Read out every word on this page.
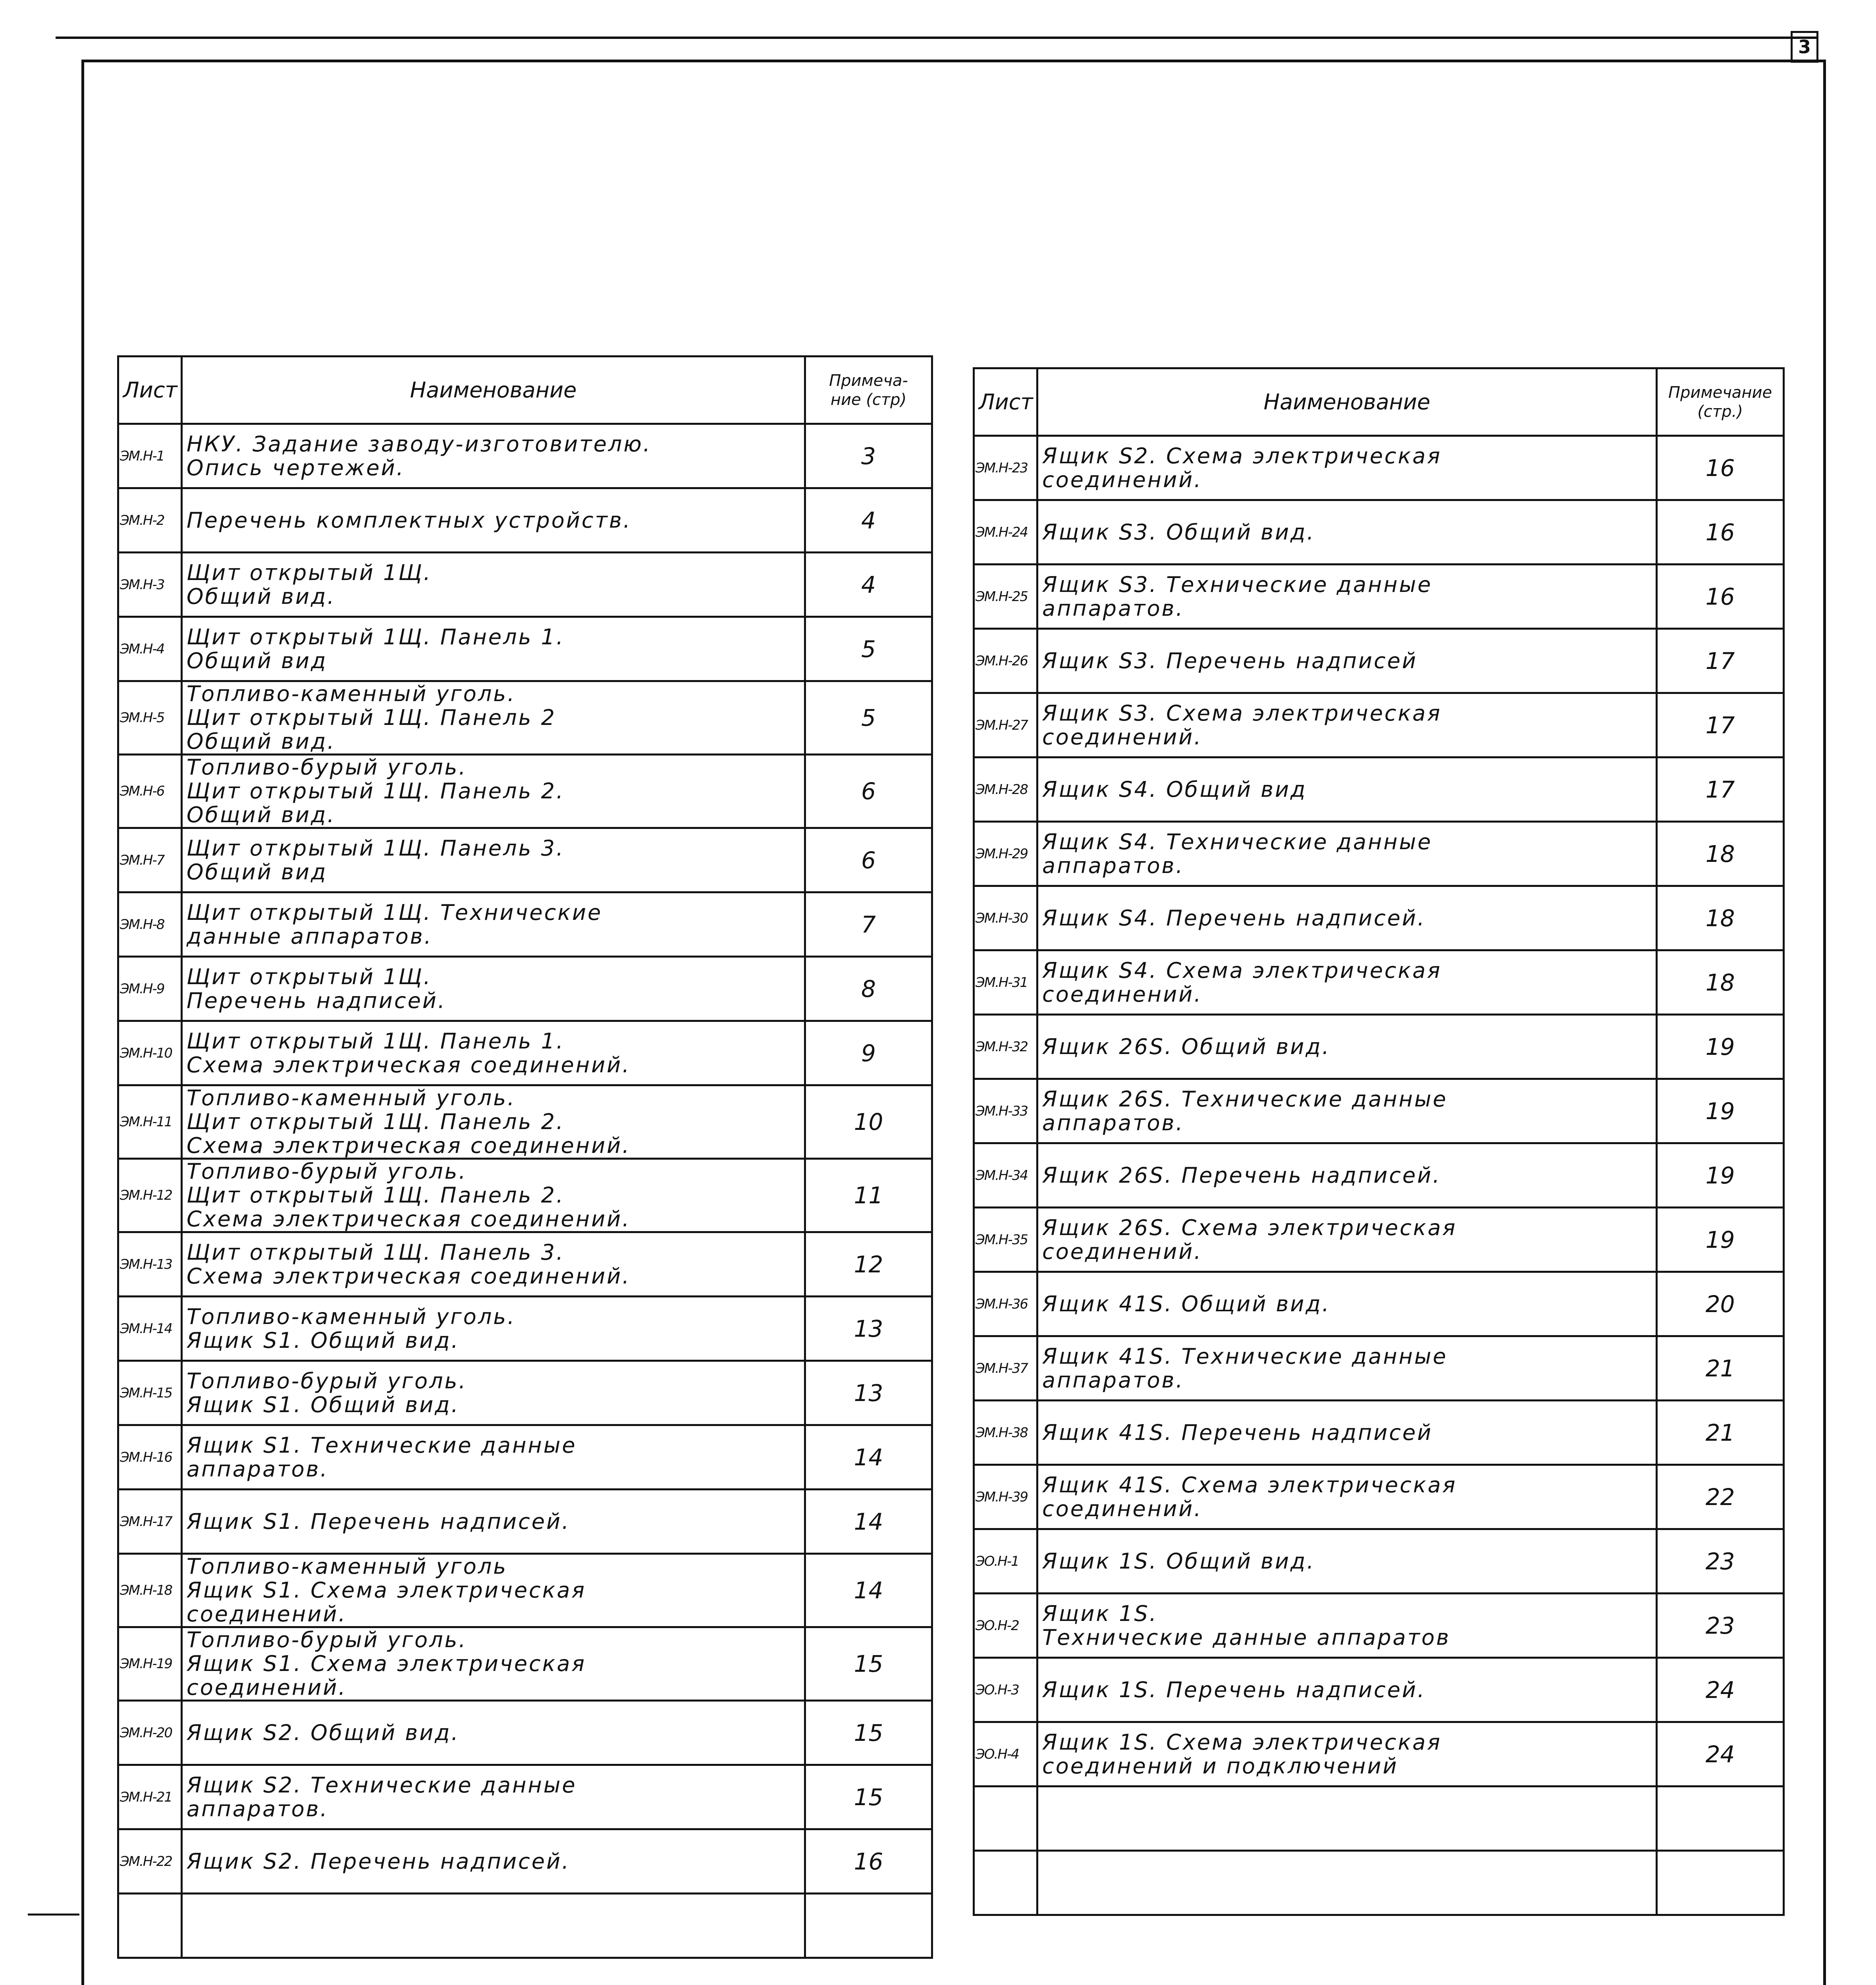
3
Лист	Наименование	Примеча-
ние (стр)
ЭМ.Н-1	НКУ. Задание заводу-изготовителю.
Опись чертежей.	3
ЭМ.Н-2	Перечень комплектных устройств.	4
ЭМ.Н-3	Щит открытый 1Щ.
Общий вид.	4
ЭМ.Н-4	Щит открытый 1Щ. Панель 1.
Общий вид	5
ЭМ.Н-5	Топливо-каменный уголь.
Щит открытый 1Щ. Панель 2
Общий вид.	5
ЭМ.Н-6	Топливо-бурый уголь.
Щит открытый 1Щ. Панель 2.
Общий вид.	6
ЭМ.Н-7	Щит открытый 1Щ. Панель 3.
Общий вид	6
ЭМ.Н-8	Щит открытый 1Щ. Технические
данные аппаратов.	7
ЭМ.Н-9	Щит открытый 1Щ.
Перечень надписей.	8
ЭМ.Н-10	Щит открытый 1Щ. Панель 1.
Схема электрическая соединений.	9
ЭМ.Н-11	Топливо-каменный уголь.
Щит открытый 1Щ. Панель 2.
Схема электрическая соединений.	10
ЭМ.Н-12	Топливо-бурый уголь.
Щит открытый 1Щ. Панель 2.
Схема электрическая соединений.	11
ЭМ.Н-13	Щит открытый 1Щ. Панель 3.
Схема электрическая соединений.	12
ЭМ.Н-14	Топливо-каменный уголь.
Ящик S1. Общий вид.	13
ЭМ.Н-15	Топливо-бурый уголь.
Ящик S1. Общий вид.	13
ЭМ.Н-16	Ящик S1. Технические данные
аппаратов.	14
ЭМ.Н-17	Ящик S1. Перечень надписей.	14
ЭМ.Н-18	Топливо-каменный уголь
Ящик S1. Схема электрическая
соединений.	14
ЭМ.Н-19	Топливо-бурый уголь.
Ящик S1. Схема электрическая
соединений.	15
ЭМ.Н-20	Ящик S2. Общий вид.	15
ЭМ.Н-21	Ящик S2. Технические данные
аппаратов.	15
ЭМ.Н-22	Ящик S2. Перечень надписей.	16

Лист	Наименование	Примечание
(стр.)
ЭМ.Н-23	Ящик S2. Схема электрическая
соединений.	16
ЭМ.Н-24	Ящик S3. Общий вид.	16
ЭМ.Н-25	Ящик S3. Технические данные
аппаратов.	16
ЭМ.Н-26	Ящик S3. Перечень надписей	17
ЭМ.Н-27	Ящик S3. Схема электрическая
соединений.	17
ЭМ.Н-28	Ящик S4. Общий вид	17
ЭМ.Н-29	Ящик S4. Технические данные
аппаратов.	18
ЭМ.Н-30	Ящик S4. Перечень надписей.	18
ЭМ.Н-31	Ящик S4. Схема электрическая
соединений.	18
ЭМ.Н-32	Ящик 26S. Общий вид.	19
ЭМ.Н-33	Ящик 26S. Технические данные
аппаратов.	19
ЭМ.Н-34	Ящик 26S. Перечень надписей.	19
ЭМ.Н-35	Ящик 26S. Схема электрическая
соединений.	19
ЭМ.Н-36	Ящик 41S. Общий вид.	20
ЭМ.Н-37	Ящик 41S. Технические данные
аппаратов.	21
ЭМ.Н-38	Ящик 41S. Перечень надписей	21
ЭМ.Н-39	Ящик 41S. Схема электрическая
соединений.	22
ЭО.Н-1	Ящик 1S. Общий вид.	23
ЭО.Н-2	Ящик 1S.
Технические данные аппаратов	23
ЭО.Н-3	Ящик 1S. Перечень надписей.	24
ЭО.Н-4	Ящик 1S. Схема электрическая
соединений и подключений	24
